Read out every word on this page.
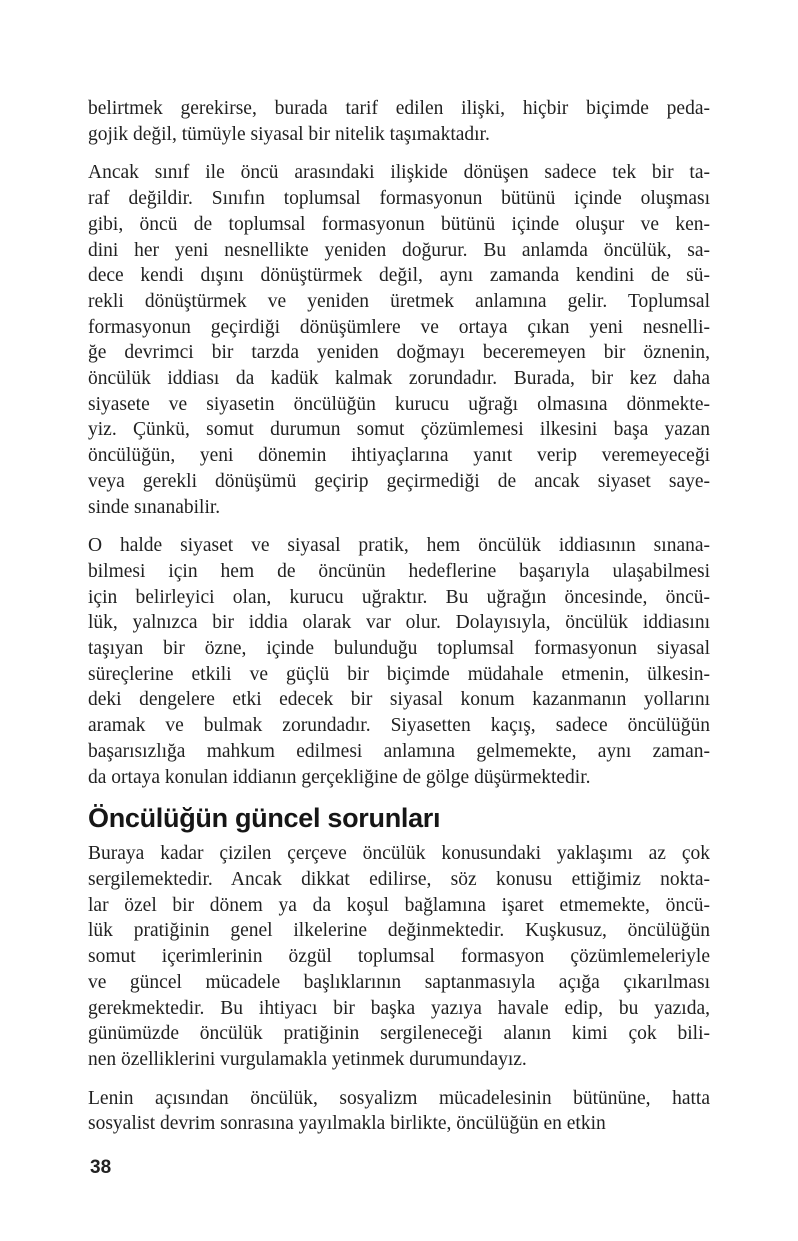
belirtmek gerekirse, burada tarif edilen ilişki, hiçbir biçimde peda-
gojik değil, tümüyle siyasal bir nitelik taşımaktadır.
Ancak sınıf ile öncü arasındaki ilişkide dönüşen sadece tek bir ta-
raf değildir. Sınıfın toplumsal formasyonun bütünü içinde oluşması
gibi, öncü de toplumsal formasyonun bütünü içinde oluşur ve ken-
dini her yeni nesnellikte yeniden doğurur. Bu anlamda öncülük, sa-
dece kendi dışını dönüştürmek değil, aynı zamanda kendini de sü-
rekli dönüştürmek ve yeniden üretmek anlamına gelir. Toplumsal
formasyonun geçirdiği dönüşümlere ve ortaya çıkan yeni nesnelli-
ğe devrimci bir tarzda yeniden doğmayı beceremeyen bir öznenin,
öncülük iddiası da kadük kalmak zorundadır. Burada, bir kez daha
siyasete ve siyasetin öncülüğün kurucu uğrağı olmasına dönmekte-
yiz. Çünkü, somut durumun somut çözümlemesi ilkesini başa yazan
öncülüğün, yeni dönemin ihtiyaçlarına yanıt verip veremeyeceği
veya gerekli dönüşümü geçirip geçirmediği de ancak siyaset saye-
sinde sınanabilir.
O halde siyaset ve siyasal pratik, hem öncülük iddiasının sınana-
bilmesi için hem de öncünün hedeflerine başarıyla ulaşabilmesi
için belirleyici olan, kurucu uğraktır. Bu uğrağın öncesinde, öncü-
lük, yalnızca bir iddia olarak var olur. Dolayısıyla, öncülük iddiasını
taşıyan bir özne, içinde bulunduğu toplumsal formasyonun siyasal
süreçlerine etkili ve güçlü bir biçimde müdahale etmenin, ülkesin-
deki dengelere etki edecek bir siyasal konum kazanmanın yollarını
aramak ve bulmak zorundadır. Siyasetten kaçış, sadece öncülüğün
başarısızlığa mahkum edilmesi anlamına gelmemekte, aynı zaman-
da ortaya konulan iddianın gerçekliğine de gölge düşürmektedir.
Öncülüğün güncel sorunları
Buraya kadar çizilen çerçeve öncülük konusundaki yaklaşımı az çok
sergilemektedir. Ancak dikkat edilirse, söz konusu ettiğimiz nokta-
lar özel bir dönem ya da koşul bağlamına işaret etmemekte, öncü-
lük pratiğinin genel ilkelerine değinmektedir. Kuşkusuz, öncülüğün
somut içerimlerinin özgül toplumsal formasyon çözümlemeleriyle
ve güncel mücadele başlıklarının saptanmasıyla açığa çıkarılması
gerekmektedir. Bu ihtiyacı bir başka yazıya havale edip, bu yazıda,
günümüzde öncülük pratiğinin sergileneceği alanın kimi çok bili-
nen özelliklerini vurgulamakla yetinmek durumundayız.
Lenin açısından öncülük, sosyalizm mücadelesinin bütününe, hatta
sosyalist devrim sonrasına yayılmakla birlikte, öncülüğün en etkin
38
